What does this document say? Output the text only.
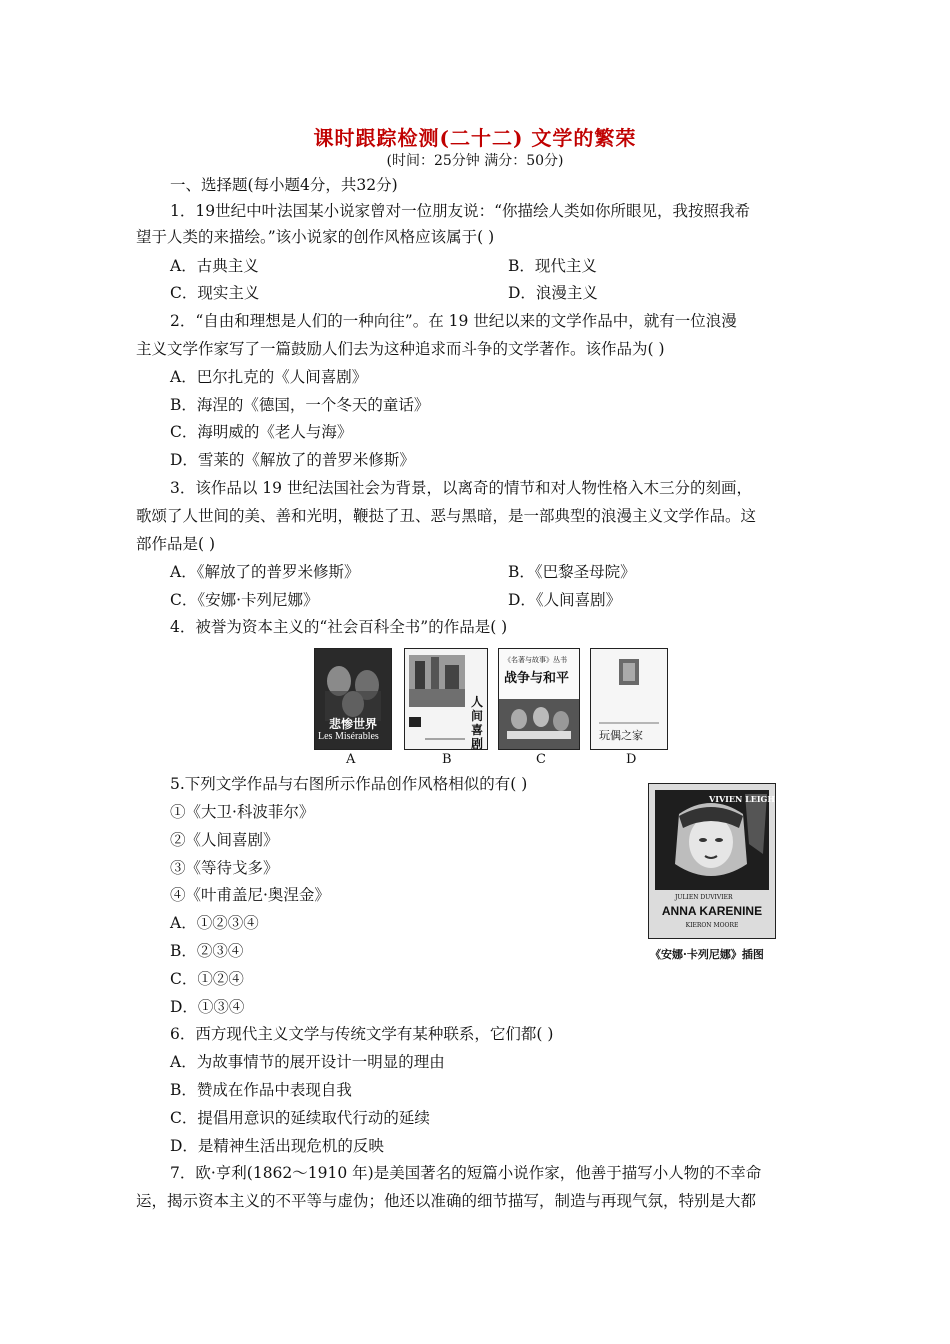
课时跟踪检测(二十二) 文学的繁荣
(时间：25分钟 满分：50分)
一、选择题(每小题4分，共32分)
1．19世纪中叶法国某小说家曾对一位朋友说：“你描绘人类如你所眼见，我按照我希
望于人类的来描绘。”该小说家的创作风格应该属于( )
A．古典主义	B．现代主义
C．现实主义	D．浪漫主义
2．“自由和理想是人们的一种向往”。在 19 世纪以来的文学作品中，就有一位浪漫
主义文学作家写了一篇鼓励人们去为这种追求而斗争的文学著作。该作品为( )
A．巴尔扎克的《人间喜剧》
B．海涅的《德国，一个冬天的童话》
C．海明威的《老人与海》
D．雪莱的《解放了的普罗米修斯》
3．该作品以 19 世纪法国社会为背景，以离奇的情节和对人物性格入木三分的刻画，
歌颂了人世间的美、善和光明，鞭挞了丑、恶与黑暗，是一部典型的浪漫主义文学作品。这
部作品是( )
A．《解放了的普罗米修斯》	B．《巴黎圣母院》
C．《安娜·卡列尼娜》	D．《人间喜剧》
4．被誉为资本主义的“社会百科全书”的作品是( )
悲惨世界
Les Misérables
A
人间喜剧
B
《名著与故事》丛书
战争与和平
C
玩偶之家
D
5.下列文学作品与右图所示作品创作风格相似的有( )
①《大卫·科波菲尔》
②《人间喜剧》
③《等待戈多》
④《叶甫盖尼·奥涅金》
A．①②③④
B．②③④
C．①②④
D．①③④
VIVIEN LEIGH
JULIEN DUVIVIER
ANNA KARENINE
KIERON MOORE
《安娜·卡列尼娜》插图
6．西方现代主义文学与传统文学有某种联系，它们都( )
A．为故事情节的展开设计一明显的理由
B．赞成在作品中表现自我
C．提倡用意识的延续取代行动的延续
D．是精神生活出现危机的反映
7．欧·亨利(1862～1910 年)是美国著名的短篇小说作家，他善于描写小人物的不幸命
运，揭示资本主义的不平等与虚伪；他还以准确的细节描写，制造与再现气氛，特别是大都
